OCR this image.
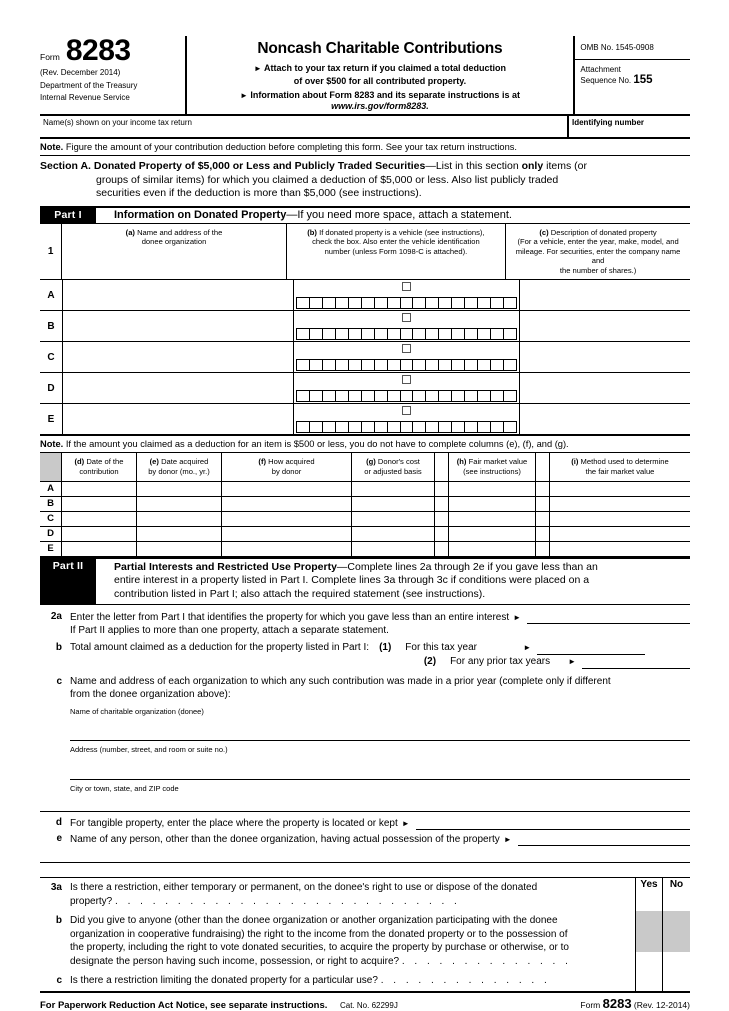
Form 8283
(Rev. December 2014)
Department of the Treasury
Internal Revenue Service
Noncash Charitable Contributions
► Attach to your tax return if you claimed a total deduction
of over $500 for all contributed property.
► Information about Form 8283 and its separate instructions is at www.irs.gov/form8283.
OMB No. 1545-0908
Attachment
Sequence No. 155
Name(s) shown on your income tax return	Identifying number
Note. Figure the amount of your contribution deduction before completing this form. See your tax return instructions.
Section A. Donated Property of $5,000 or Less and Publicly Traded Securities—List in this section only items (or
groups of similar items) for which you claimed a deduction of $5,000 or less. Also list publicly traded
securities even if the deduction is more than $5,000 (see instructions).
Part I	Information on Donated Property—If you need more space, attach a statement.
1
(a) Name and address of the
donee organization
(b) If donated property is a vehicle (see instructions),
check the box. Also enter the vehicle identification
number (unless Form 1098-C is attached).
(c) Description of donated property
(For a vehicle, enter the year, make, model, and
mileage. For securities, enter the company name and
the number of shares.)
A
B
C
D
E
Note. If the amount you claimed as a deduction for an item is $500 or less, you do not have to complete columns (e), (f), and (g).
(d) Date of the
contribution
(e) Date acquired
by donor (mo., yr.)
(f) How acquired
by donor
(g) Donor's cost
or adjusted basis
(h) Fair market value
(see instructions)
(i) Method used to determine
the fair market value
A
B
C
D
E
Part II	Partial Interests and Restricted Use Property—Complete lines 2a through 2e if you gave less than an
entire interest in a property listed in Part I. Complete lines 3a through 3c if conditions were placed on a
contribution listed in Part I; also attach the required statement (see instructions).
2a Enter the letter from Part I that identifies the property for which you gave less than an entire interest ►
If Part II applies to more than one property, attach a separate statement.
b Total amount claimed as a deduction for the property listed in Part I:	(1)	For this tax year	►
(2)	For any prior tax years	►
c Name and address of each organization to which any such contribution was made in a prior year (complete only if different
from the donee organization above):
Name of charitable organization (donee)
Address (number, street, and room or suite no.)
City or town, state, and ZIP code
d For tangible property, enter the place where the property is located or kept ►
e Name of any person, other than the donee organization, having actual possession of the property ►
3a Is there a restriction, either temporary or permanent, on the donee's right to use or dispose of the donated
property? . . . . . . . . . . . . . . . . . . . . . . . . . . . .
Yes	No
b Did you give to anyone (other than the donee organization or another organization participating with the donee
organization in cooperative fundraising) the right to the income from the donated property or to the possession of
the property, including the right to vote donated securities, to acquire the property by purchase or otherwise, or to
designate the person having such income, possession, or right to acquire? . . . . . . . . . . . . . .
c Is there a restriction limiting the donated property for a particular use? . . . . . . . . . . . . . .
For Paperwork Reduction Act Notice, see separate instructions.	Cat. No. 62299J	Form 8283 (Rev. 12-2014)
